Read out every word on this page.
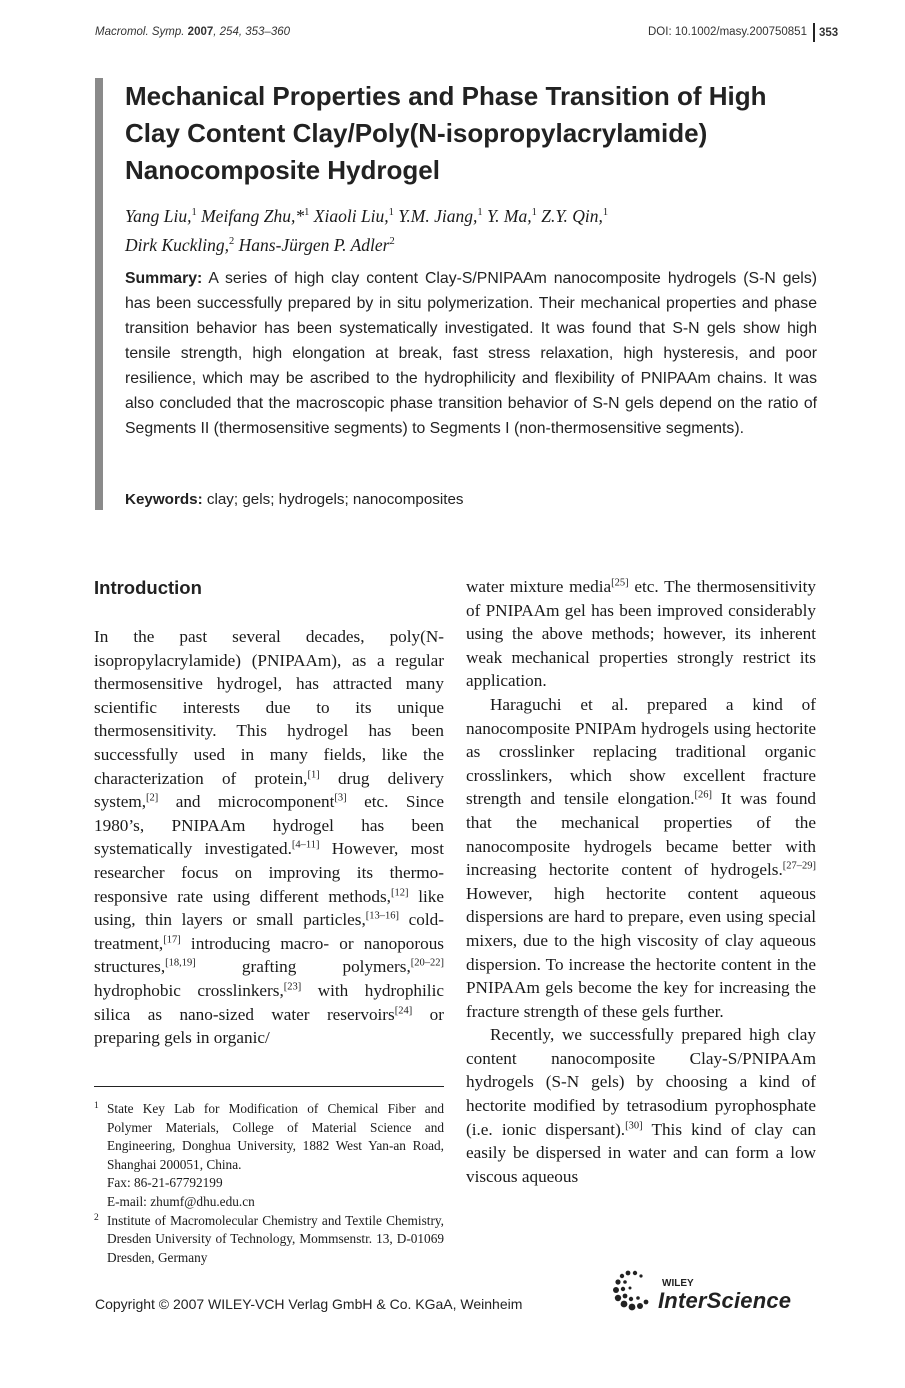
Macromol. Symp. 2007, 254, 353–360	DOI: 10.1002/masy.200750851 353
Mechanical Properties and Phase Transition of High Clay Content Clay/Poly(N-isopropylacrylamide) Nanocomposite Hydrogel
Yang Liu,$^1$ Meifang Zhu,*$^1$ Xiaoli Liu,$^1$ Y.M. Jiang,$^1$ Y. Ma,$^1$ Z.Y. Qin,$^1$
Dirk Kuckling,$^2$ Hans-Jürgen P. Adler$^2$
Summary: A series of high clay content Clay-S/PNIPAAm nanocomposite hydrogels (S-N gels) has been successfully prepared by in situ polymerization. Their mechanical properties and phase transition behavior has been systematically investigated. It was found that S-N gels show high tensile strength, high elongation at break, fast stress relaxation, high hysteresis, and poor resilience, which may be ascribed to the hydrophilicity and flexibility of PNIPAAm chains. It was also concluded that the macroscopic phase transition behavior of S-N gels depend on the ratio of Segments II (thermosensitive segments) to Segments I (non-thermosensitive segments).
Keywords: clay; gels; hydrogels; nanocomposites
Introduction

In the past several decades, poly(N-isopropylacrylamide) (PNIPAAm), as a regular thermosensitive hydrogel, has attracted many scientific interests due to its unique thermosensitivity. This hydrogel has been successfully used in many fields, like the characterization of protein,[1] drug delivery system,[2] and microcomponent[3] etc. Since 1980’s, PNIPAAm hydrogel has been systematically investigated.[4–11] However, most researcher focus on improving its thermo-responsive rate using different methods,[12] like using, thin layers or small particles,[13–16] cold-treatment,[17] introducing macro- or nanoporous structures,[18,19] grafting polymers,[20–22] hydrophobic crosslinkers,[23] with hydrophilic silica as nano-sized water reservoirs[24] or preparing gels in organic/

water mixture media[25] etc. The thermosensitivity of PNIPAAm gel has been improved considerably using the above methods; however, its inherent weak mechanical properties strongly restrict its application.

Haraguchi et al. prepared a kind of nanocomposite PNIPAm hydrogels using hectorite as crosslinker replacing traditional organic crosslinkers, which show excellent fracture strength and tensile elongation.[26] It was found that the mechanical properties of the nanocomposite hydrogels became better with increasing hectorite content of hydrogels.[27–29] However, high hectorite content aqueous dispersions are hard to prepare, even using special mixers, due to the high viscosity of clay aqueous dispersion. To increase the hectorite content in the PNIPAAm gels become the key for increasing the fracture strength of these gels further.

Recently, we successfully prepared high clay content nanocomposite Clay-S/PNIPAAm hydrogels (S-N gels) by choosing a kind of hectorite modified by tetrasodium pyrophosphate (i.e. ionic dispersant).[30] This kind of clay can easily be dispersed in water and can form a low viscous aqueous

1 State Key Lab for Modification of Chemical Fiber and Polymer Materials, College of Material Science and Engineering, Donghua University, 1882 West Yan-an Road, Shanghai 200051, China.
Fax: 86-21-67792199
E-mail: zhumf@dhu.edu.cn
2 Institute of Macromolecular Chemistry and Textile Chemistry, Dresden University of Technology, Mommsenstr. 13, D-01069 Dresden, Germany
Copyright © 2007 WILEY-VCH Verlag GmbH & Co. KGaA, Weinheim
WILEY
InterScience
